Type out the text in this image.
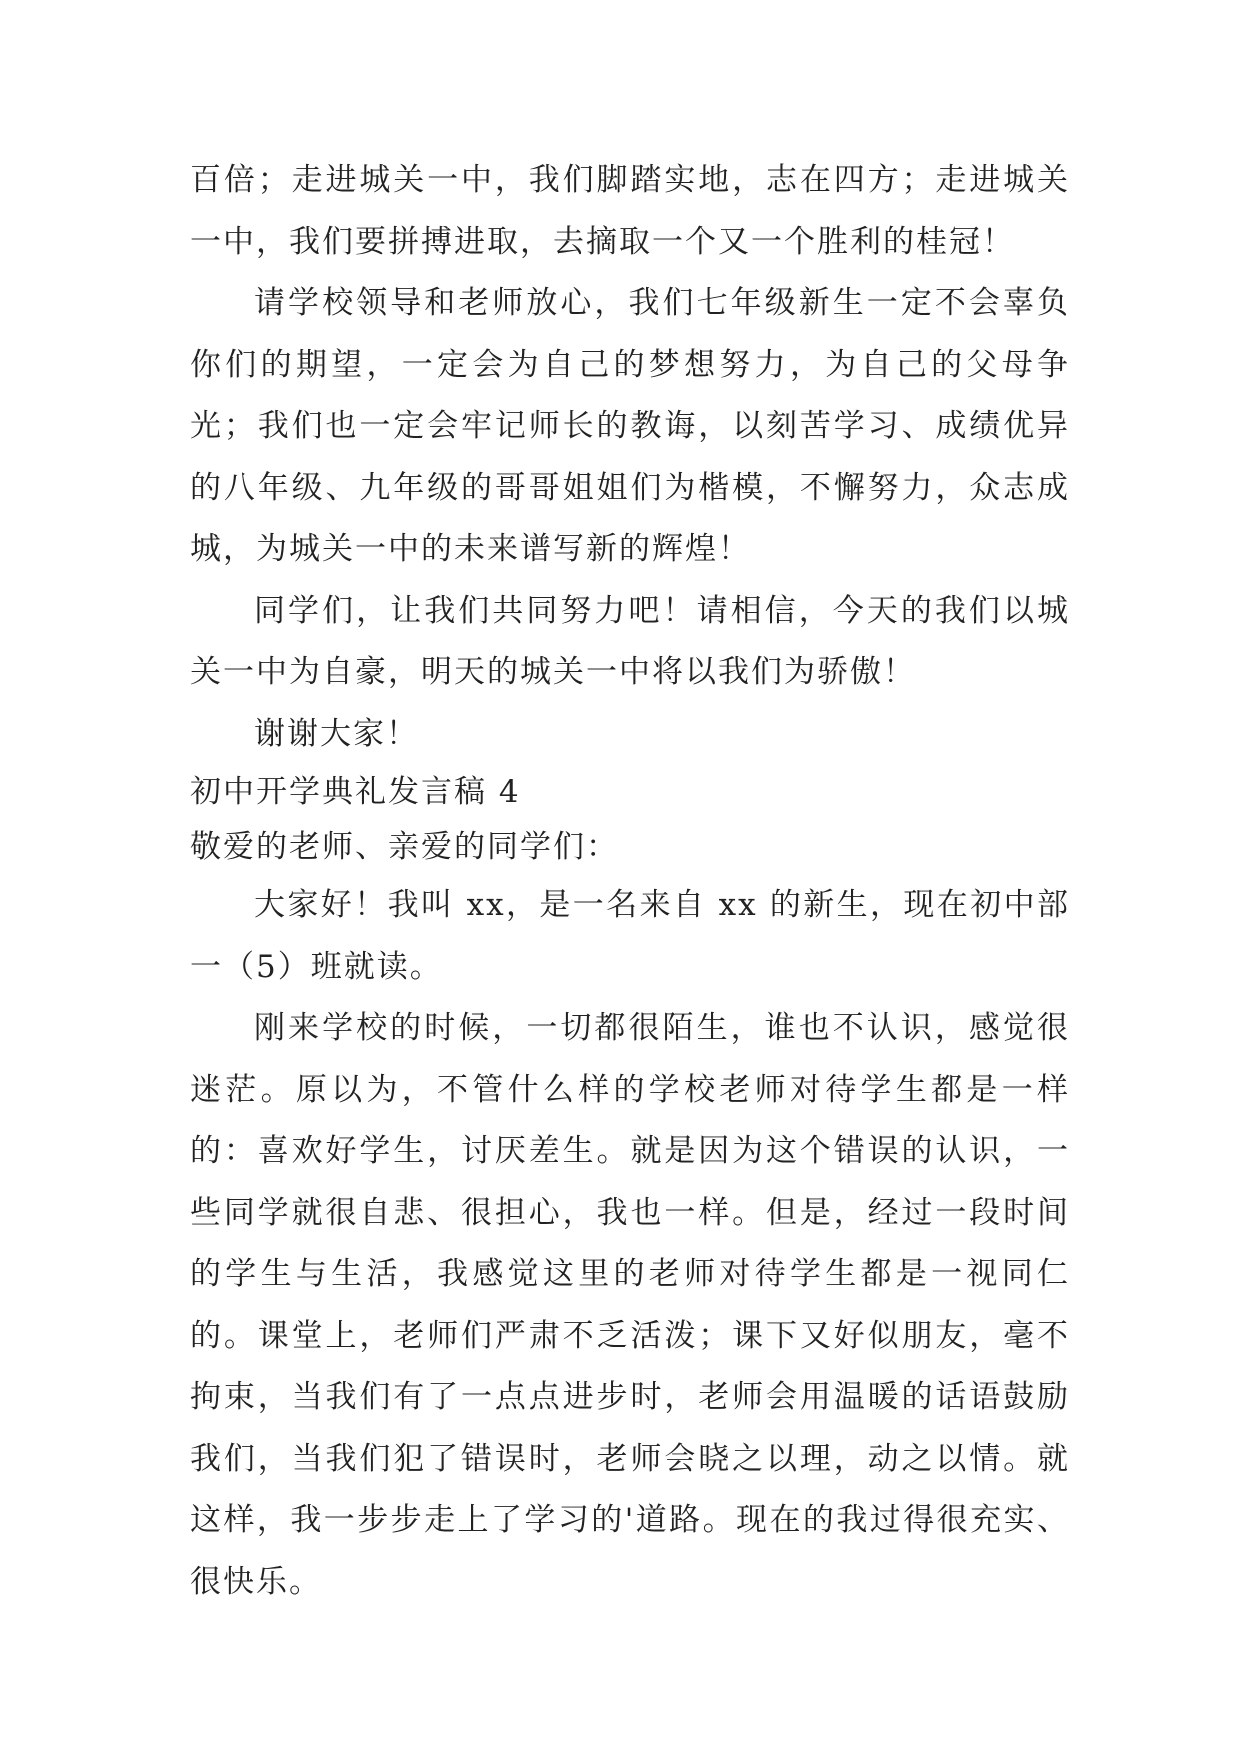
百倍；走进城关一中，我们脚踏实地，志在四方；走进城关一中，我们要拼搏进取，去摘取一个又一个胜利的桂冠！

请学校领导和老师放心，我们七年级新生一定不会辜负你们的期望，一定会为自己的梦想努力，为自己的父母争光；我们也一定会牢记师长的教诲，以刻苦学习、成绩优异的八年级、九年级的哥哥姐姐们为楷模，不懈努力，众志成城，为城关一中的未来谱写新的辉煌！

同学们，让我们共同努力吧！请相信，今天的我们以城关一中为自豪，明天的城关一中将以我们为骄傲！

谢谢大家！

初中开学典礼发言稿 4

敬爱的老师、亲爱的同学们：

大家好！我叫 xx，是一名来自 xx 的新生，现在初中部一（5）班就读。

刚来学校的时候，一切都很陌生，谁也不认识，感觉很迷茫。原以为，不管什么样的学校老师对待学生都是一样的：喜欢好学生，讨厌差生。就是因为这个错误的认识，一些同学就很自悲、很担心，我也一样。但是，经过一段时间的学生与生活，我感觉这里的老师对待学生都是一视同仁的。课堂上，老师们严肃不乏活泼；课下又好似朋友，毫不拘束，当我们有了一点点进步时，老师会用温暖的话语鼓励我们，当我们犯了错误时，老师会晓之以理，动之以情。就这样，我一步步走上了学习的'道路。现在的我过得很充实、很快乐。
